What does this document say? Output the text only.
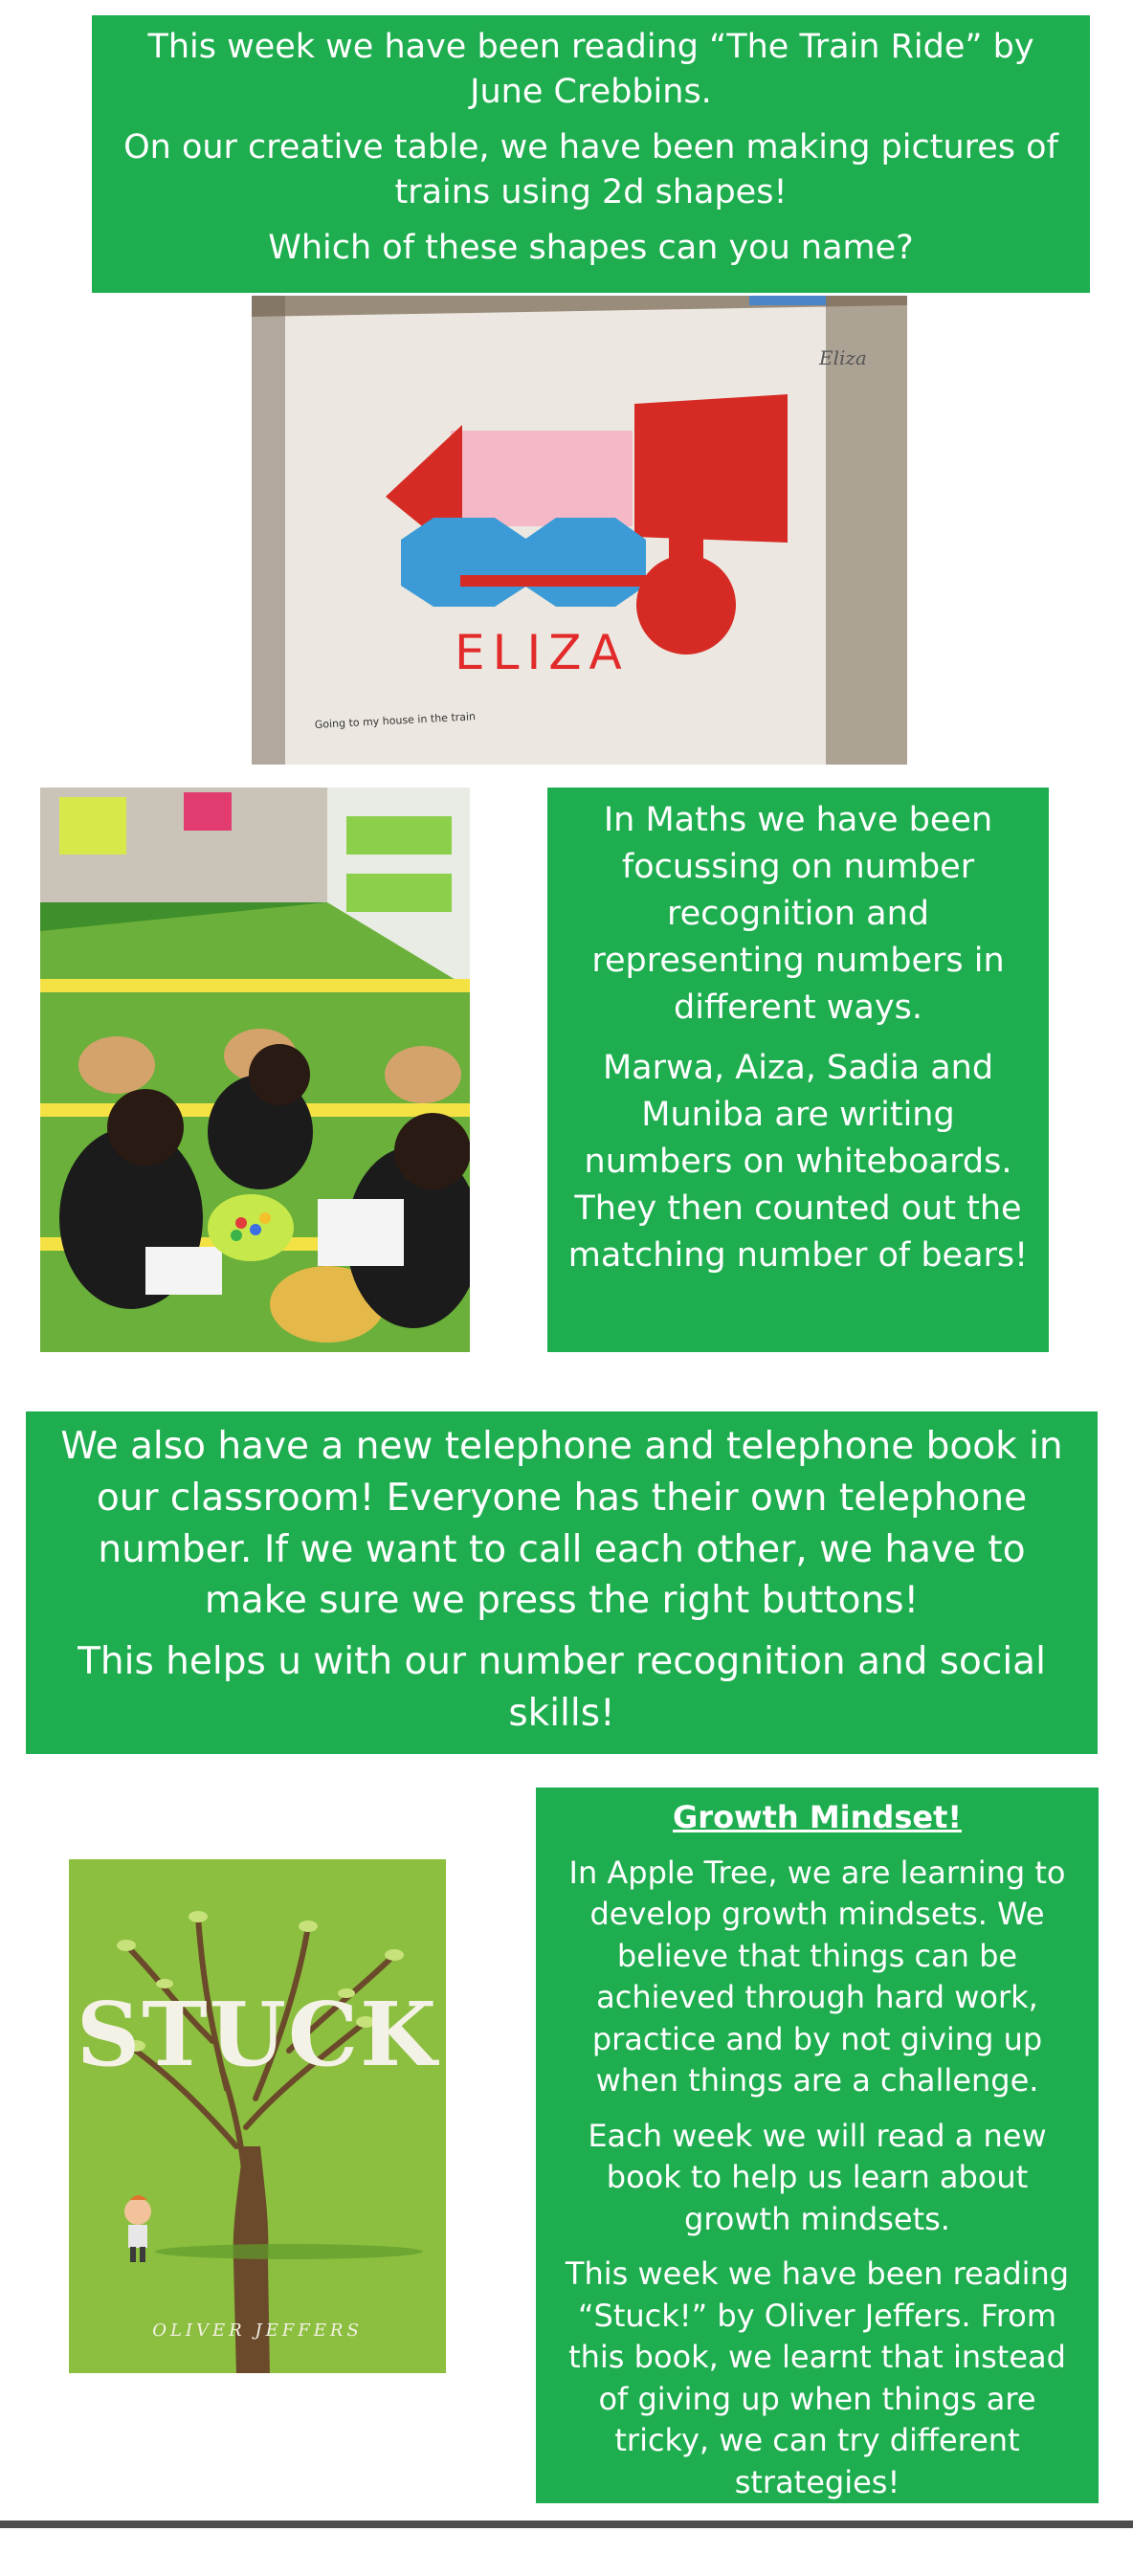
This week we have been reading “The Train Ride” by June Crebbins.

On our creative table, we have been making pictures of trains using 2d shapes!

Which of these shapes can you name?

Eliza
ELIZA
Going to my house in the train

In Maths we have been focussing on number recognition and representing numbers in different ways.

Marwa, Aiza, Sadia and Muniba are writing numbers on whiteboards. They then counted out the matching number of bears!

We also have a new telephone and telephone book in our classroom! Everyone has their own telephone number. If we want to call each other, we have to make sure we press the right buttons!

This helps u with our number recognition and social skills!

STUCK
OLIVER JEFFERS

Growth Mindset!

In Apple Tree, we are learning to develop growth mindsets. We believe that things can be achieved through hard work, practice and by not giving up when things are a challenge.

Each week we will read a new book to help us learn about growth mindsets.

This week we have been reading “Stuck!” by Oliver Jeffers. From this book, we learnt that instead of giving up when things are tricky, we can try different strategies!
